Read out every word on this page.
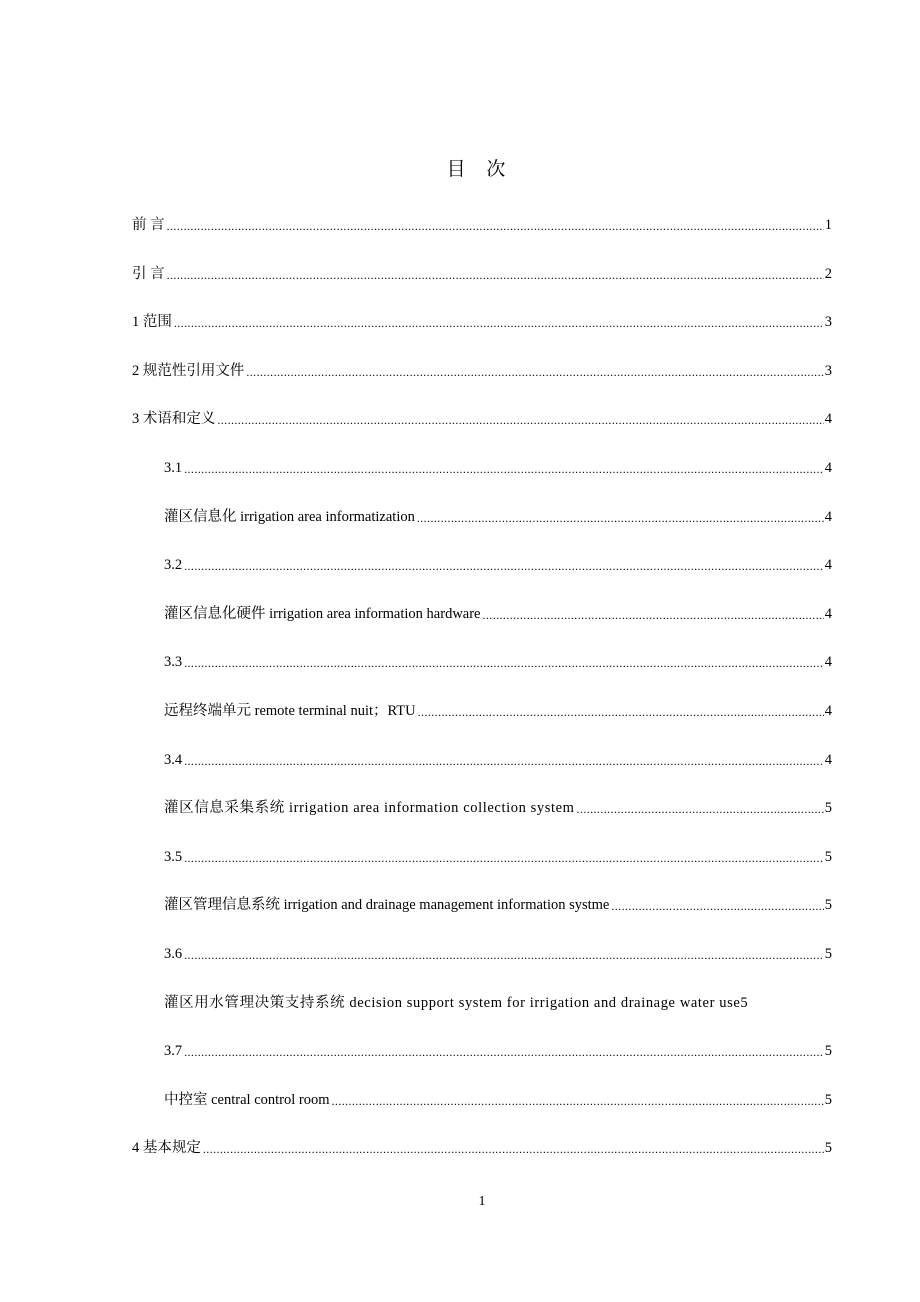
目 次
前 言 .....	1
引 言 .....	2
1 范围 .....	3
2 规范性引用文件 .....	3
3 术语和定义 .....	4
3.1 .....	4
灌区信息化 irrigation area informatization .....	4
3.2 .....	4
灌区信息化硬件 irrigation area information hardware .....	4
3.3 .....	4
远程终端单元 remote terminal nuit；RTU .....	4
3.4 .....	4
灌区信息采集系统 irrigation area information collection system .....	5
3.5 .....	5
灌区管理信息系统 irrigation and drainage management information systme .....	5
3.6 .....	5
灌区用水管理决策支持系统 decision support system for irrigation and drainage water use 5
3.7 .....	5
中控室 central control room .....	5
4 基本规定 .....	5
1
